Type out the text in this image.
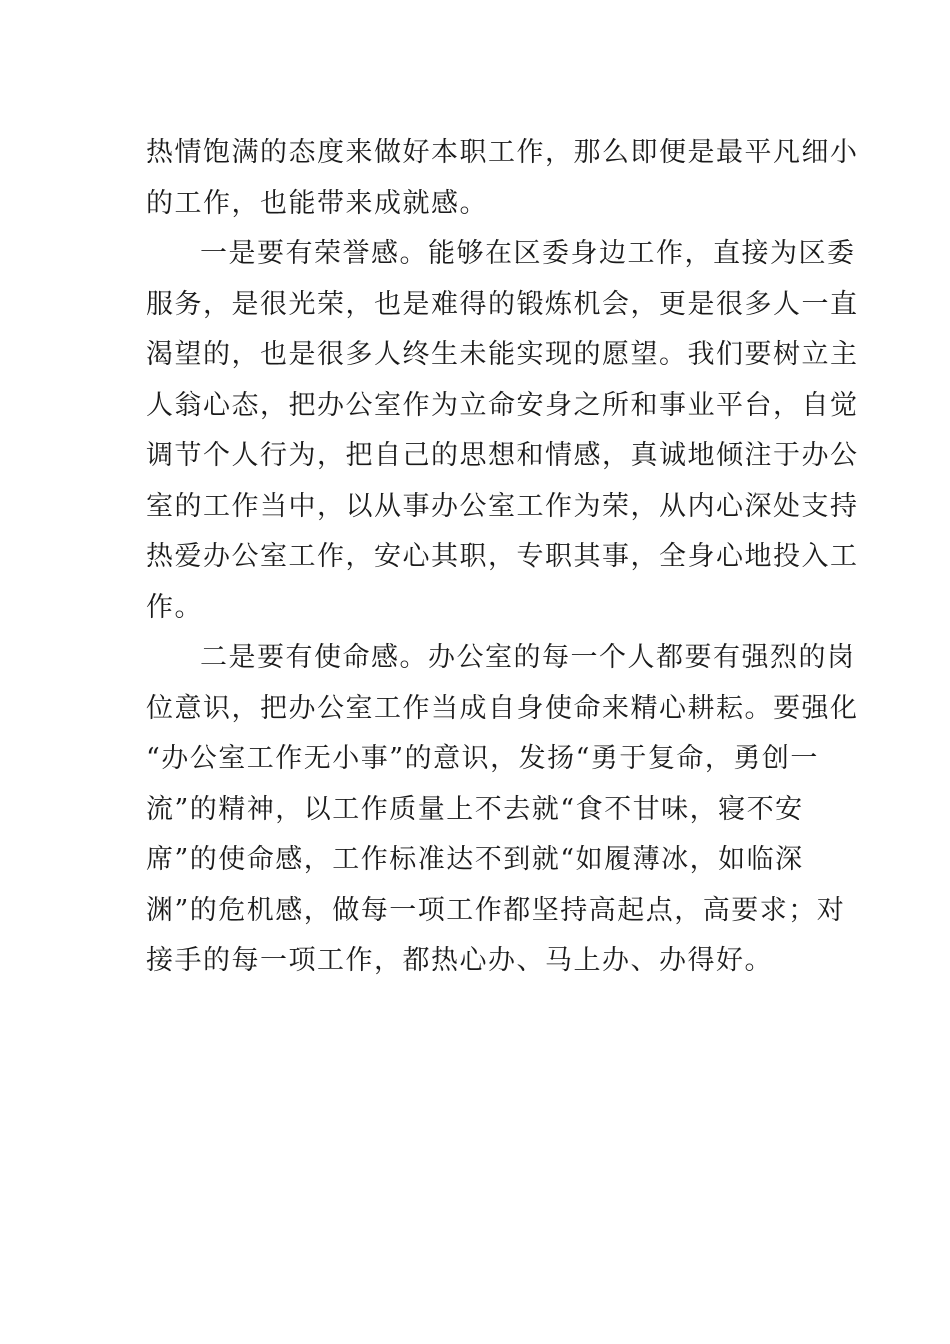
热情饱满的态度来做好本职工作，那么即便是最平凡细小
的工作，也能带来成就感。
一是要有荣誉感。能够在区委身边工作，直接为区委
服务，是很光荣，也是难得的锻炼机会，更是很多人一直
渴望的，也是很多人终生未能实现的愿望。我们要树立主
人翁心态，把办公室作为立命安身之所和事业平台，自觉
调节个人行为，把自己的思想和情感，真诚地倾注于办公
室的工作当中，以从事办公室工作为荣，从内心深处支持
热爱办公室工作，安心其职，专职其事，全身心地投入工
作。
二是要有使命感。办公室的每一个人都要有强烈的岗
位意识，把办公室工作当成自身使命来精心耕耘。要强化
“办公室工作无小事”的意识，发扬“勇于复命，勇创一
流”的精神，以工作质量上不去就“食不甘味，寝不安
席”的使命感，工作标准达不到就“如履薄冰，如临深
渊”的危机感，做每一项工作都坚持高起点，高要求；对
接手的每一项工作，都热心办、马上办、办得好。
